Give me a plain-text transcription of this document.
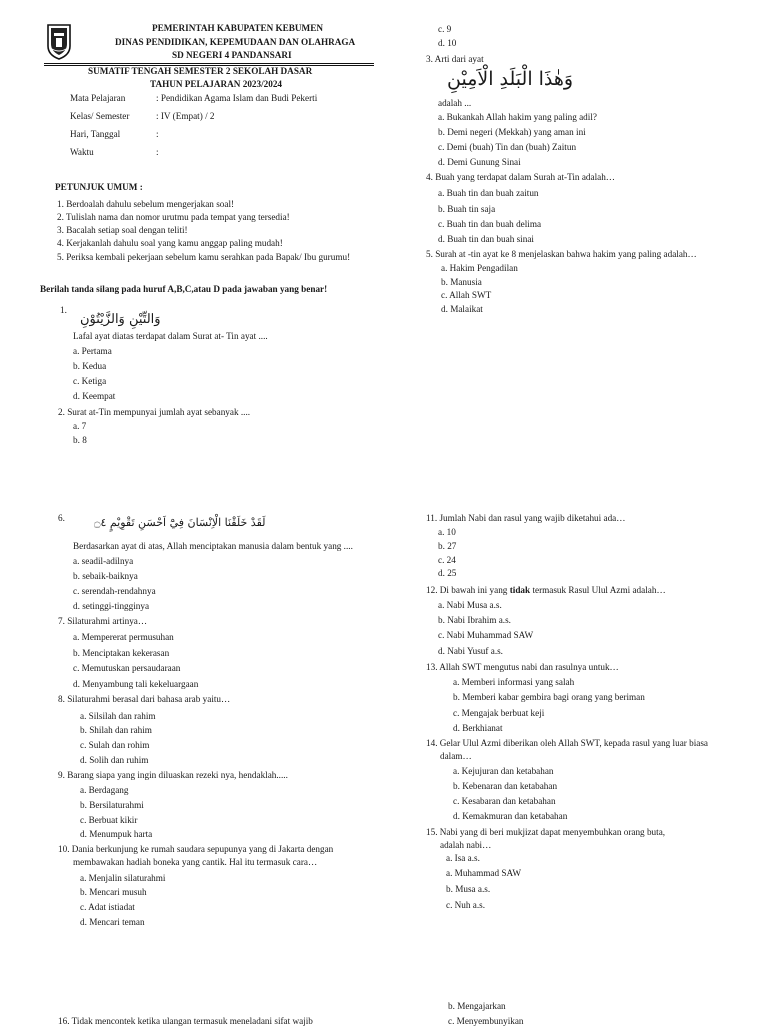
PEMERINTAH KABUPATEN KEBUMEN
DINAS PENDIDIKAN, KEPEMUDAAN DAN OLAHRAGA
SD NEGERI 4 PANDANSARI
SUMATIF TENGAH SEMESTER 2 SEKOLAH DASAR
TAHUN PELAJARAN 2023/2024
Mata Pelajaran	: Pendidikan Agama Islam dan Budi Pekerti
Kelas/ Semester	: IV (Empat) / 2
Hari, Tanggal	:
Waktu	:
PETUNJUK UMUM :
1. Berdoalah dahulu sebelum mengerjakan soal!
2. Tulislah nama dan nomor urutmu pada tempat yang tersedia!
3. Bacalah setiap soal dengan teliti!
4. Kerjakanlah dahulu soal yang kamu anggap paling mudah!
5. Periksa kembali pekerjaan sebelum kamu serahkan pada Bapak/ Ibu gurumu!
Berilah tanda silang pada huruf A,B,C,atau D pada jawaban yang benar!
1.
وَالتِّيْنِ وَالزَّيْتُوْنِ
Lafal ayat diatas terdapat dalam Surat at- Tin ayat ....
a. Pertama
b. Kedua
c. Ketiga
d. Keempat
2. Surat at-Tin mempunyai jumlah ayat sebanyak ....
a. 7
b. 8
c. 9
d. 10
3. Arti dari ayat
وَهٰذَا الْبَلَدِ الْاَمِيْنِ
adalah ...
a. Bukankah Allah hakim yang paling adil?
b. Demi negeri (Mekkah) yang aman ini
c. Demi (buah) Tin dan (buah) Zaitun
d. Demi Gunung Sinai
4. Buah yang terdapat dalam Surah at-Tin adalah…
a. Buah tin dan buah zaitun
b. Buah tin saja
c. Buah tin dan buah delima
d. Buah tin dan buah sinai
5. Surah at -tin ayat ke 8 menjelaskan bahwa hakim yang paling adalah…
a. Hakim Pengadilan
b. Manusia
c. Allah SWT
d. Malaikat
6.	لَقَدْ خَلَقْنَا الْاِنْسَانَ فِيْٓ اَحْسَنِ تَقْوِيْمٍ ۝٤
Berdasarkan ayat di atas, Allah menciptakan manusia dalam bentuk yang ....
a. seadil-adilnya
b. sebaik-baiknya
c. serendah-rendahnya
d. setinggi-tingginya
7. Silaturahmi artinya…
a. Mempererat permusuhan
b. Menciptakan kekerasan
c. Memutuskan persaudaraan
d. Menyambung tali kekeluargaan
8. Silaturahmi berasal dari bahasa arab yaitu…
a. Silsilah dan rahim
b. Shilah dan rahim
c. Sulah dan rohim
d. Solih dan ruhim
9. Barang siapa yang ingin diluaskan rezeki nya, hendaklah.....
a. Berdagang
b. Bersilaturahmi
c. Berbuat kikir
d. Menumpuk harta
10. Dania berkunjung ke rumah saudara sepupunya yang di Jakarta dengan
membawakan hadiah boneka yang cantik. Hal itu termasuk cara…
a. Menjalin silaturahmi
b. Mencari musuh
c. Adat istiadat
d. Mencari teman
11. Jumlah Nabi dan rasul yang wajib diketahui ada…
a. 10
b. 27
c. 24
d. 25
12. Di bawah ini yang tidak termasuk Rasul Ulul Azmi adalah…
a. Nabi Musa a.s.
b. Nabi Ibrahim a.s.
c. Nabi Muhammad SAW
d. Nabi Yusuf a.s.
13. Allah SWT mengutus nabi dan rasulnya untuk…
a. Memberi informasi yang salah
b. Memberi kabar gembira bagi orang yang beriman
c. Mengajak berbuat keji
d. Berkhianat
14. Gelar Ulul Azmi diberikan oleh Allah SWT, kepada rasul yang luar biasa
dalam…
a. Kejujuran dan ketabahan
b. Kebenaran dan ketabahan
c. Kesabaran dan ketabahan
d. Kemakmuran dan ketabahan
15. Nabi yang di beri mukjizat dapat menyembuhkan orang buta,
adalah nabi…
a. Isa a.s.
a. Muhammad SAW
b. Musa a.s.
c. Nuh a.s.
16. Tidak mencontek ketika ulangan termasuk meneladani sifat wajib
b. Mengajarkan
c. Menyembunyikan
